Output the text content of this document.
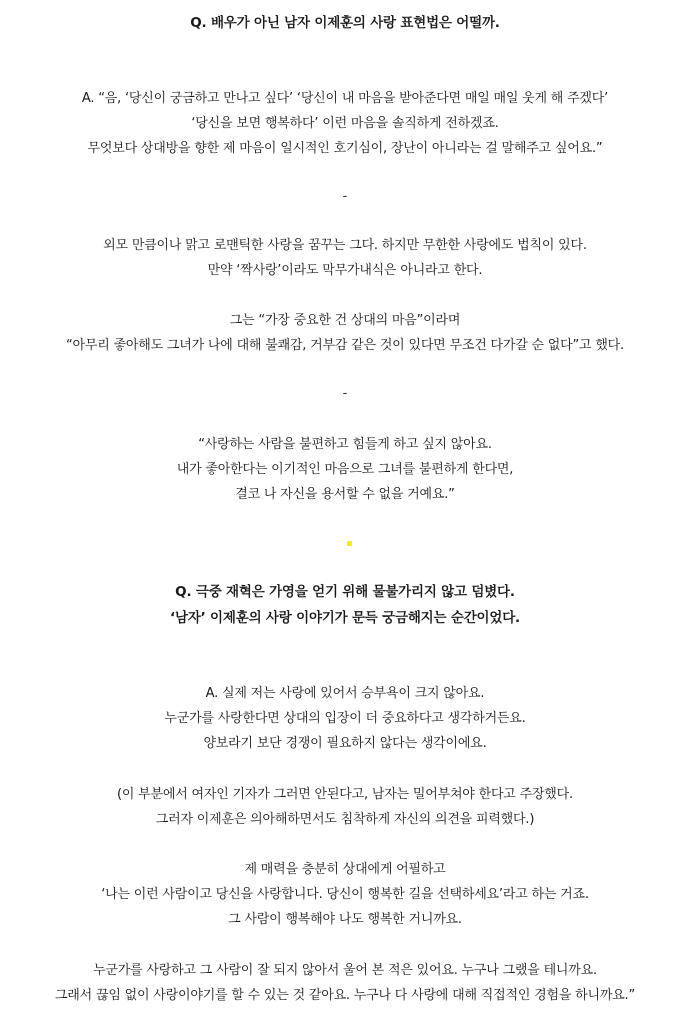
Q. 배우가 아닌 남자 이제훈의 사랑 표현법은 어떨까.
A. “음, ‘당신이 궁금하고 만나고 싶다’ ‘당신이 내 마음을 받아준다면 매일 매일 웃게 해 주겠다’
‘당신을 보면 행복하다’ 이런 마음을 솔직하게 전하겠죠.
무엇보다 상대방을 향한 제 마음이 일시적인 호기심이, 장난이 아니라는 걸 말해주고 싶어요.”
-
외모 만큼이나 맑고 로맨틱한 사랑을 꿈꾸는 그다. 하지만 무한한 사랑에도 법칙이 있다.
만약 ‘짝사랑’이라도 막무가내식은 아니라고 한다.
그는 “가장 중요한 건 상대의 마음”이라며
“아무리 좋아해도 그녀가 나에 대해 불쾌감, 거부감 같은 것이 있다면 무조건 다가갈 순 없다”고 했다.
-
“사랑하는 사람을 불편하고 힘들게 하고 싶지 않아요.
내가 좋아한다는 이기적인 마음으로 그녀를 불편하게 한다면,
결코 나 자신을 용서할 수 없을 거예요.”
Q. 극중 재혁은 가영을 얻기 위해 물불가리지 않고 덤볐다.
‘남자’ 이제훈의 사랑 이야기가 문득 궁금해지는 순간이었다.
A. 실제 저는 사랑에 있어서 승부욕이 크지 않아요.
누군가를 사랑한다면 상대의 입장이 더 중요하다고 생각하거든요.
양보라기 보단 경쟁이 필요하지 않다는 생각이에요.
(이 부분에서 여자인 기자가 그러면 안된다고, 남자는 밀어부쳐야 한다고 주장했다.
그러자 이제훈은 의아해하면서도 침착하게 자신의 의견을 피력했다.)
제 매력을 충분히 상대에게 어필하고
‘나는 이런 사람이고 당신을 사랑합니다. 당신이 행복한 길을 선택하세요’라고 하는 거죠.
그 사람이 행복해야 나도 행복한 거니까요.
누군가를 사랑하고 그 사람이 잘 되지 않아서 울어 본 적은 있어요. 누구나 그랬을 테니까요.
그래서 끊임 없이 사랑이야기를 할 수 있는 것 같아요. 누구나 다 사랑에 대해 직접적인 경험을 하니까요.”
